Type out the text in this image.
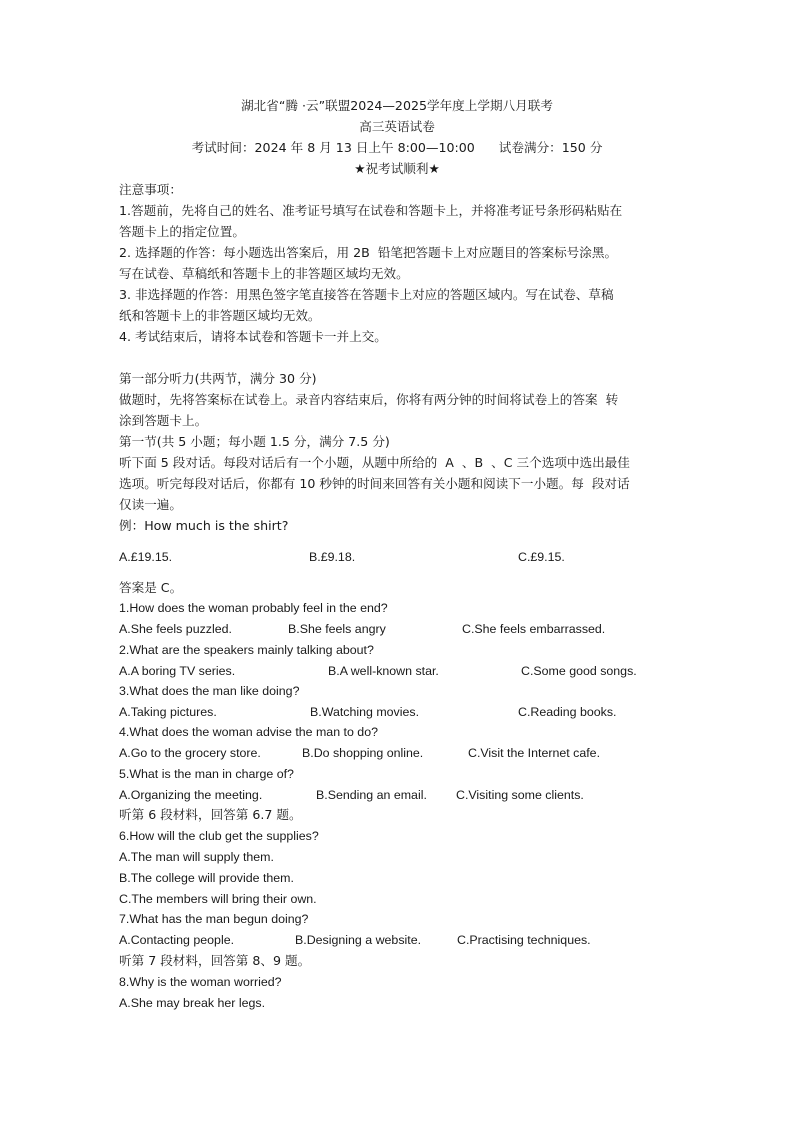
湖北省“腾 ·云”联盟2024—2025学年度上学期八月联考
高三英语试卷
考试时间：2024 年 8 月 13 日上午 8:00—10:00      试卷满分：150 分
★祝考试顺利★
注意事项：
1.答题前，先将自己的姓名、准考证号填写在试卷和答题卡上，并将准考证号条形码粘贴在
答题卡上的指定位置。
2. 选择题的作答：每小题选出答案后，用 2B  铅笔把答题卡上对应题目的答案标号涂黑。
写在试卷、草稿纸和答题卡上的非答题区域均无效。
3. 非选择题的作答：用黑色签字笔直接答在答题卡上对应的答题区域内。写在试卷、草稿
纸和答题卡上的非答题区域均无效。
4. 考试结束后，请将本试卷和答题卡一并上交。
第一部分听力(共两节，满分 30 分)
做题时，先将答案标在试卷上。录音内容结束后，你将有两分钟的时间将试卷上的答案  转
涂到答题卡上。
第一节(共 5 小题；每小题 1.5 分，满分 7.5 分)
听下面 5 段对话。每段对话后有一个小题，从题中所给的  A  、B  、C 三个选项中选出最佳
选项。听完每段对话后，你都有 10 秒钟的时间来回答有关小题和阅读下一小题。每  段对话
仅读一遍。
例：How much is the shirt?
A.£19.15.	B.£9.18.	C.£9.15.
答案是 C。
1.How does the woman probably feel in the end?
A.She feels puzzled.	B.She feels angry	C.She feels embarrassed.
2.What are the speakers mainly talking about?
A.A boring TV series.	B.A well-known star.	C.Some good songs.
3.What does the man like doing?
A.Taking pictures.	B.Watching movies.	C.Reading books.
4.What does the woman advise the man to do?
A.Go to the grocery store.	B.Do shopping online.	C.Visit the Internet cafe.
5.What is the man in charge of?
A.Organizing the meeting.	B.Sending an email. C.Visiting some clients.
听第 6 段材料，回答第 6.7 题。
6.How will the club get the supplies?
A.The man will supply them.
B.The college will provide them.
C.The members will bring their own.
7.What has the man begun doing?
A.Contacting people.	B.Designing a website.	C.Practising techniques.
听第 7 段材料，回答第 8、9 题。
8.Why is the woman worried?
A.She may break her legs.
